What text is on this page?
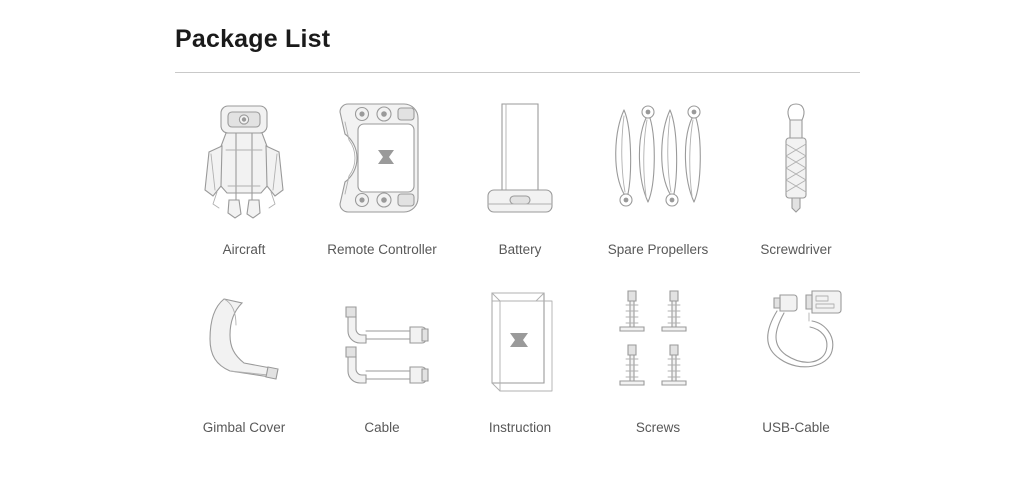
Package List
Aircraft	Remote Controller	Battery	Spare Propellers	Screwdriver
Gimbal Cover	Cable	Instruction	Screws	USB-Cable
